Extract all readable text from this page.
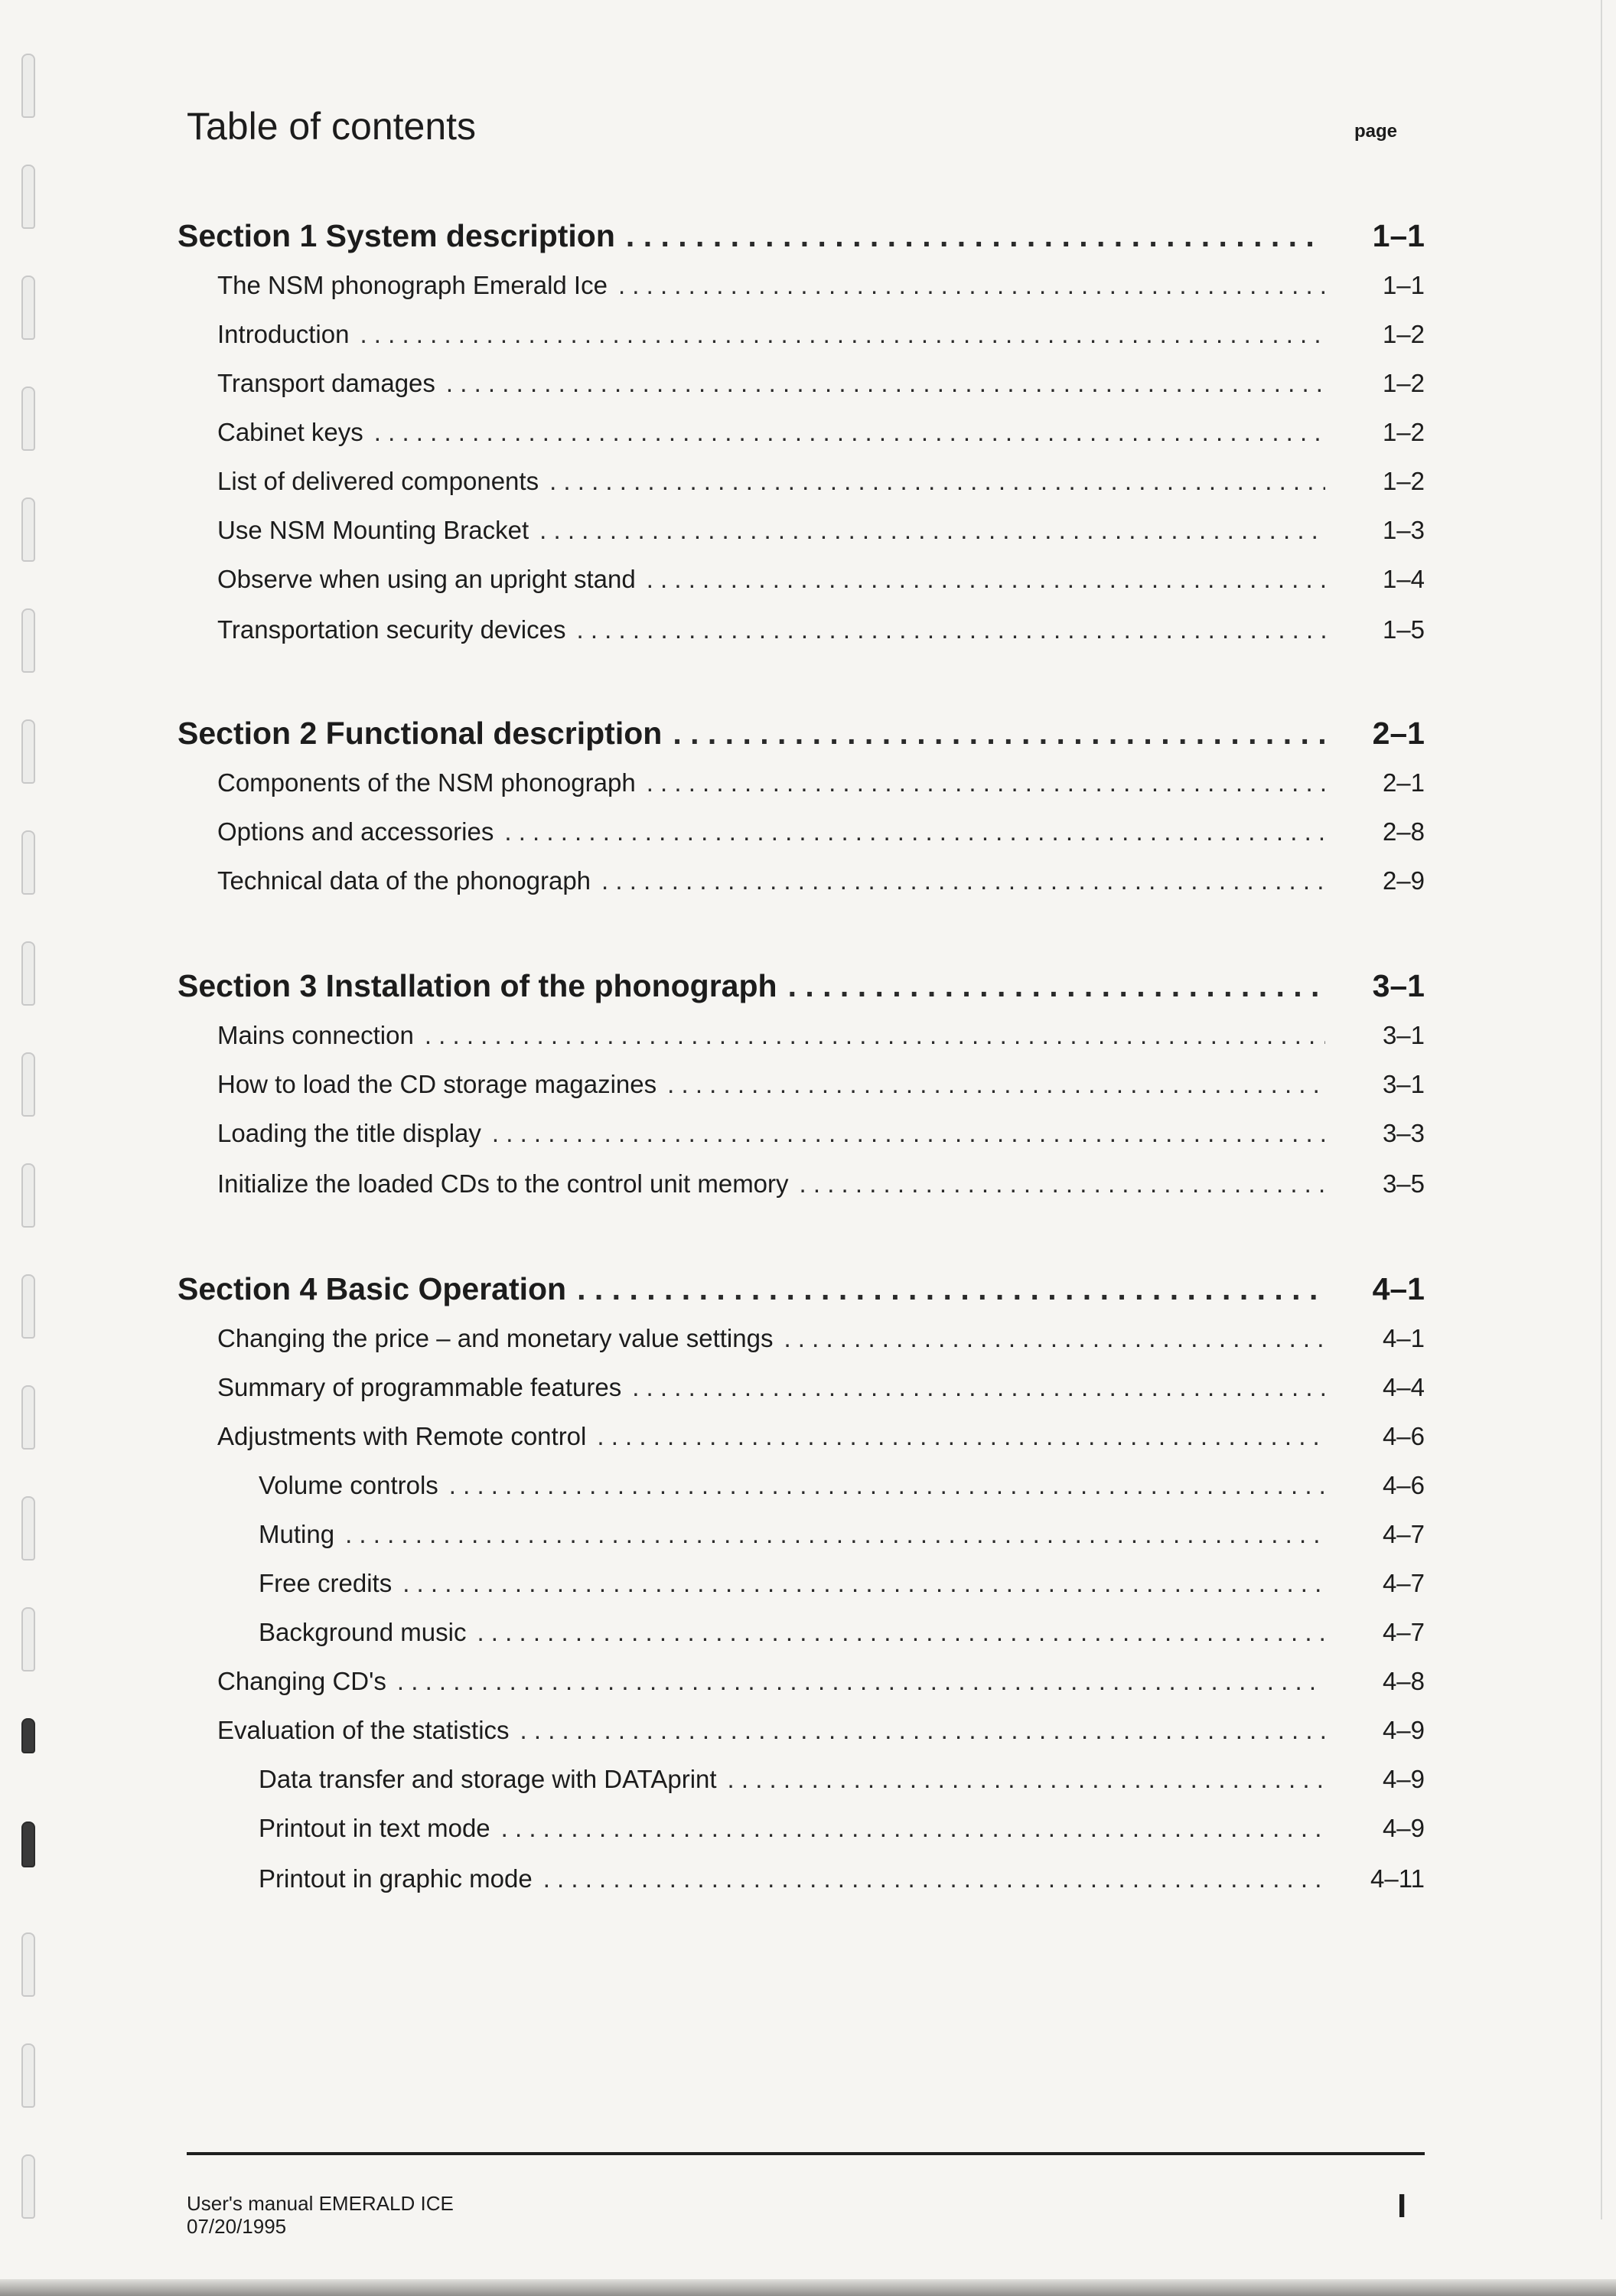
Table of contents	page
Section 1 System description . . .	1–1
The NSM phonograph Emerald Ice . . .	1–1
Introduction . . .	1–2
Transport damages . . .	1–2
Cabinet keys . . .	1–2
List of delivered components . . .	1–2
Use NSM Mounting Bracket . . .	1–3
Observe when using an upright stand . . .	1–4
Transportation security devices . . .	1–5
Section 2 Functional description . . .	2–1
Components of the NSM phonograph . . .	2–1
Options and accessories . . .	2–8
Technical data of the phonograph . . .	2–9
Section 3 Installation of the phonograph . . .	3–1
Mains connection . . .	3–1
How to load the CD storage magazines . . .	3–1
Loading the title display . . .	3–3
Initialize the loaded CDs to the control unit memory . . .	3–5
Section 4 Basic Operation . . .	4–1
Changing the price – and monetary value settings . . .	4–1
Summary of programmable features . . .	4–4
Adjustments with Remote control . . .	4–6
Volume controls . . .	4–6
Muting . . .	4–7
Free credits . . .	4–7
Background music . . .	4–7
Changing CD's . . .	4–8
Evaluation of the statistics . . .	4–9
Data transfer and storage with DATAprint . . .	4–9
Printout in text mode . . .	4–9
Printout in graphic mode . . .	4–11
User's manual EMERALD ICE
07/20/1995
I
